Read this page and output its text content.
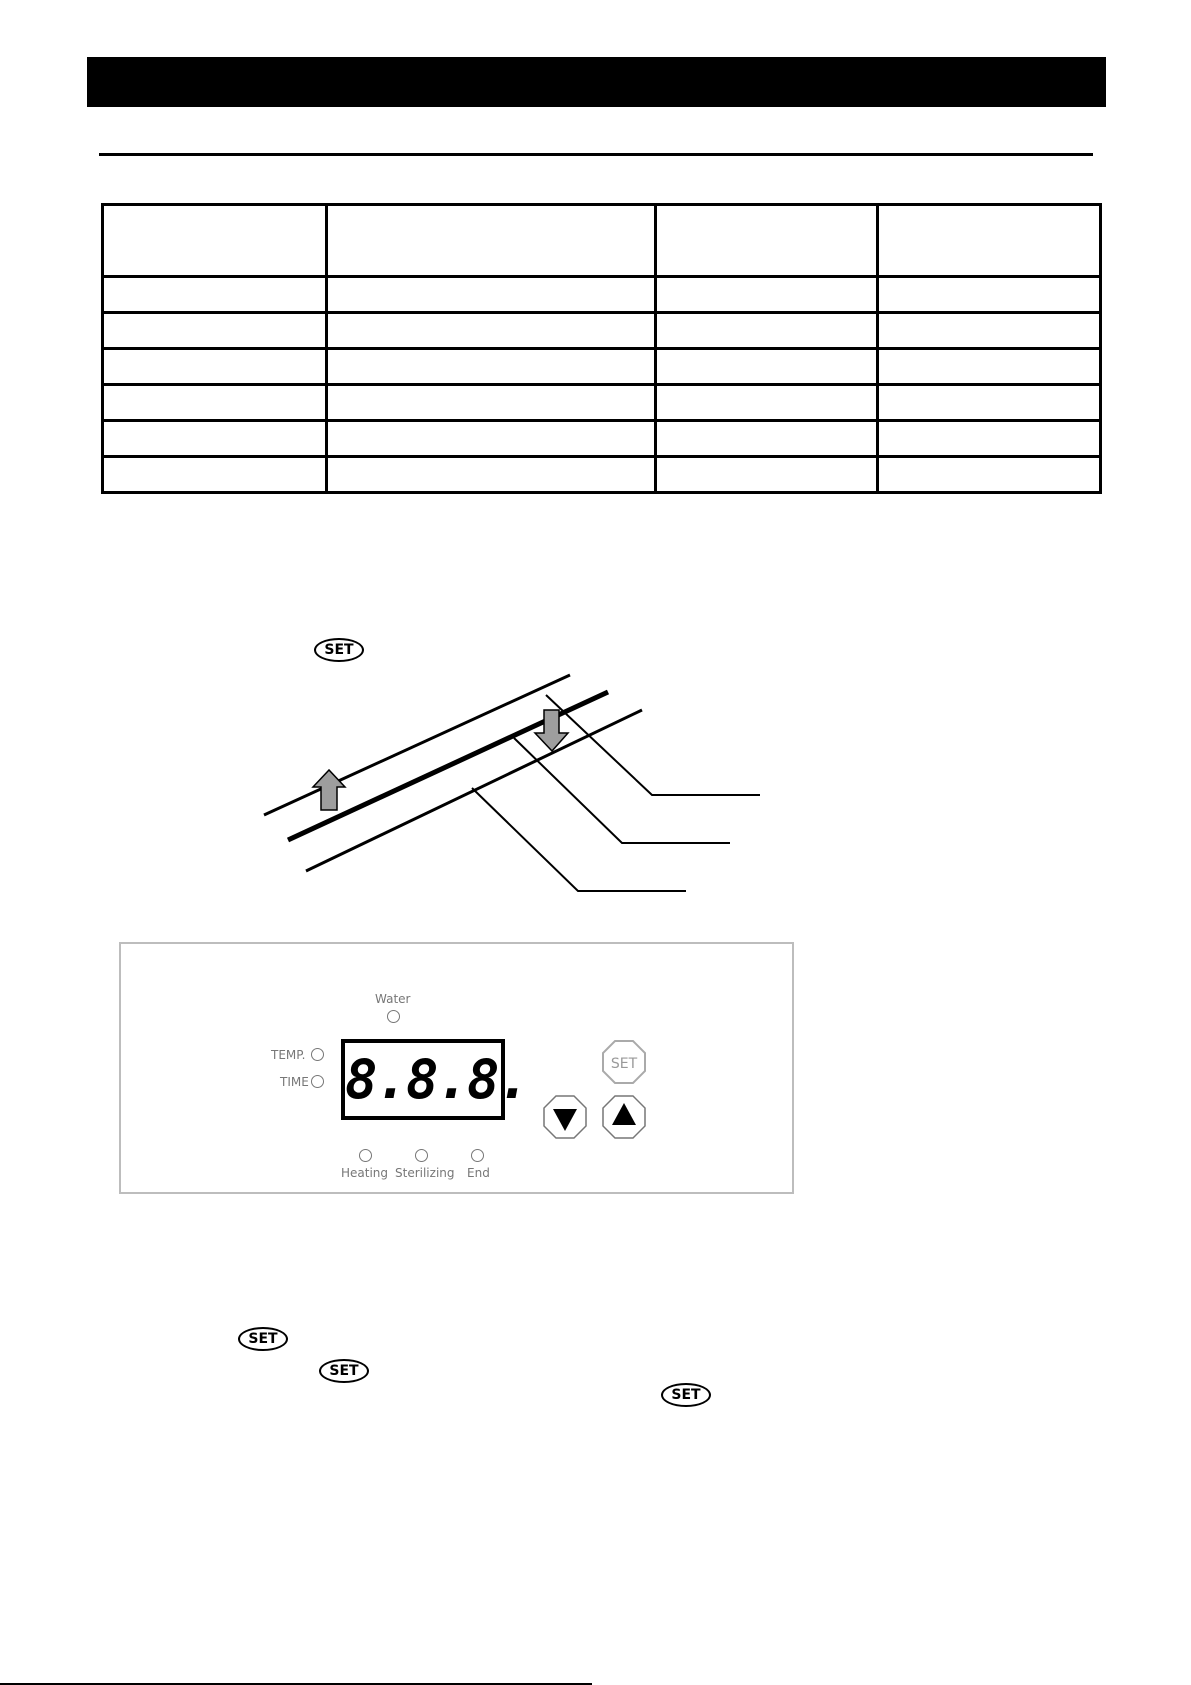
SET
Water
TEMP.
TIME 8.8.8.
Heating Sterilizing End
SET
SET
SET
SET
